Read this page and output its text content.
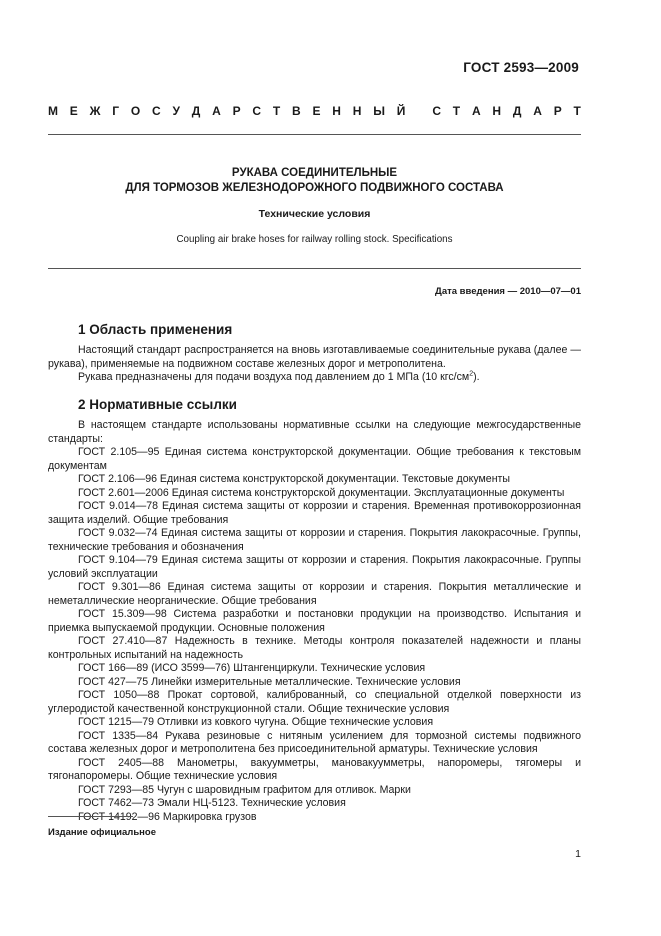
ГОСТ 2593—2009
М Е Ж Г О С У Д А Р С Т В Е Н Н Ы Й
С Т А Н Д А Р Т
РУКАВА СОЕДИНИТЕЛЬНЫЕ
ДЛЯ ТОРМОЗОВ ЖЕЛЕЗНОДОРОЖНОГО ПОДВИЖНОГО СОСТАВА
Технические условия
Coupling air brake hoses for railway rolling stock. Specifications
Дата введения — 2010—07—01
1 Область применения

Настоящий стандарт распространяется на вновь изготавливаемые соединительные рукава (далее — рукава), применяемые на подвижном составе железных дорог и метрополитена.

Рукава предназначены для подачи воздуха под давлением до 1 МПа (10 кгс/$см^2$).

2 Нормативные ссылки

В настоящем стандарте использованы нормативные ссылки на следующие межгосударственные стандарты:

ГОСТ 2.105—95 Единая система конструкторской документации. Общие требования к текстовым документам

ГОСТ 2.106—96 Единая система конструкторской документации. Текстовые документы

ГОСТ 2.601—2006 Единая система конструкторской документации. Эксплуатационные документы

ГОСТ 9.014—78 Единая система защиты от коррозии и старения. Временная противокоррозионная защита изделий. Общие требования

ГОСТ 9.032—74 Единая система защиты от коррозии и старения. Покрытия лакокрасочные. Группы, технические требования и обозначения

ГОСТ 9.104—79 Единая система защиты от коррозии и старения. Покрытия лакокрасочные. Группы условий эксплуатации

ГОСТ 9.301—86 Единая система защиты от коррозии и старения. Покрытия металлические и неметаллические неорганические. Общие требования

ГОСТ 15.309—98 Система разработки и постановки продукции на производство. Испытания и приемка выпускаемой продукции. Основные положения

ГОСТ 27.410—87 Надежность в технике. Методы контроля показателей надежности и планы контрольных испытаний на надежность

ГОСТ 166—89 (ИСО 3599—76) Штангенциркули. Технические условия

ГОСТ 427—75 Линейки измерительные металлические. Технические условия

ГОСТ 1050—88 Прокат сортовой, калиброванный, со специальной отделкой поверхности из углеродистой качественной конструкционной стали. Общие технические условия

ГОСТ 1215—79 Отливки из ковкого чугуна. Общие технические условия

ГОСТ 1335—84 Рукава резиновые с нитяным усилением для тормозной системы подвижного состава железных дорог и метрополитена без присоединительной арматуры. Технические условия

ГОСТ 2405—88 Манометры, вакуумметры, мановакуумметры, напоромеры, тягомеры и тягонапоромеры. Общие технические условия

ГОСТ 7293—85 Чугун с шаровидным графитом для отливок. Марки

ГОСТ 7462—73 Эмали НЦ-5123. Технические условия

ГОСТ 14192—96 Маркировка грузов

Издание официальное
1
